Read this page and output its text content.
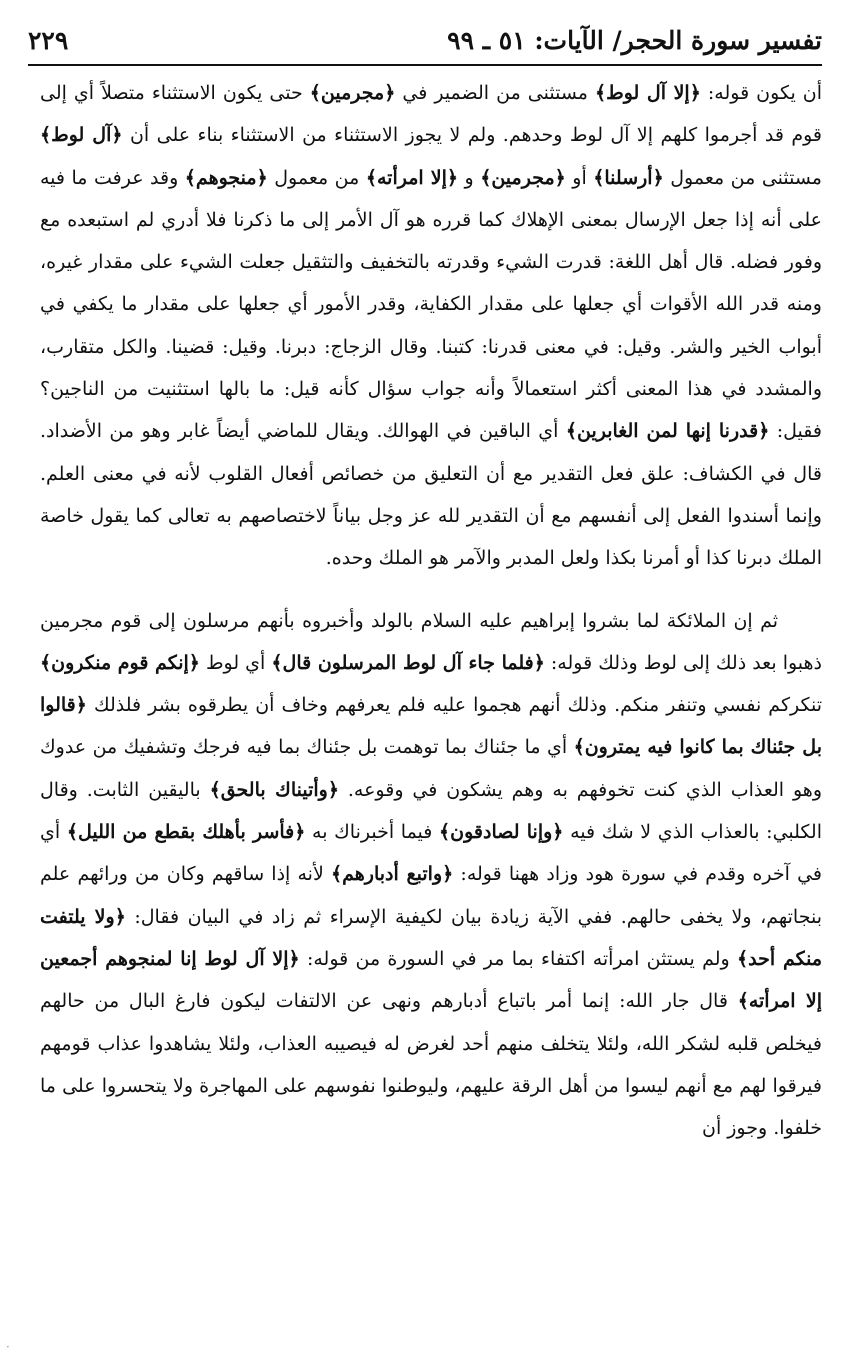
تفسير سورة الحجر/ الآيات: ٥١ ـ ٩٩
٢٢٩

أن يكون قوله: ﴿إلا آل لوط﴾ مستثنى من الضمير في ﴿مجرمين﴾ حتى يكون الاستثناء متصلاً أي إلى قوم قد أجرموا كلهم إلا آل لوط وحدهم. ولم لا يجوز الاستثناء من الاستثناء بناء على أن ﴿آل لوط﴾ مستثنى من معمول ﴿أرسلنا﴾ أو ﴿مجرمين﴾ و ﴿إلا امرأته﴾ من معمول ﴿منجوهم﴾ وقد عرفت ما فيه على أنه إذا جعل الإرسال بمعنى الإهلاك كما قرره هو آل الأمر إلى ما ذكرنا فلا أدري لم استبعده مع وفور فضله. قال أهل اللغة: قدرت الشيء وقدرته بالتخفيف والتثقيل جعلت الشيء على مقدار غيره، ومنه قدر الله الأقوات أي جعلها على مقدار الكفاية، وقدر الأمور أي جعلها على مقدار ما يكفي في أبواب الخير والشر. وقيل: في معنى قدرنا: كتبنا. وقال الزجاج: دبرنا. وقيل: قضينا. والكل متقارب، والمشدد في هذا المعنى أكثر استعمالاً وأنه جواب سؤال كأنه قيل: ما بالها استثنيت من الناجين؟ فقيل: ﴿قدرنا إنها لمن الغابرين﴾ أي الباقين في الهوالك. ويقال للماضي أيضاً غابر وهو من الأضداد. قال في الكشاف: علق فعل التقدير مع أن التعليق من خصائص أفعال القلوب لأنه في معنى العلم. وإنما أسندوا الفعل إلى أنفسهم مع أن التقدير لله عز وجل بياناً لاختصاصهم به تعالى كما يقول خاصة الملك دبرنا كذا أو أمرنا بكذا ولعل المدبر والآمر هو الملك وحده.

ثم إن الملائكة لما بشروا إبراهيم عليه السلام بالولد وأخبروه بأنهم مرسلون إلى قوم مجرمين ذهبوا بعد ذلك إلى لوط وذلك قوله: ﴿فلما جاء آل لوط المرسلون قال﴾ أي لوط ﴿إنكم قوم منكرون﴾ تنكركم نفسي وتنفر منكم. وذلك أنهم هجموا عليه فلم يعرفهم وخاف أن يطرقوه بشر فلذلك ﴿قالوا بل جئناك بما كانوا فيه يمترون﴾ أي ما جئناك بما توهمت بل جئناك بما فيه فرجك وتشفيك من عدوك وهو العذاب الذي كنت تخوفهم به وهم يشكون في وقوعه. ﴿وأتيناك بالحق﴾ باليقين الثابت. وقال الكلبي: بالعذاب الذي لا شك فيه ﴿وإنا لصادقون﴾ فيما أخبرناك به ﴿فأسر بأهلك بقطع من الليل﴾ أي في آخره وقدم في سورة هود وزاد ههنا قوله: ﴿واتبع أدبارهم﴾ لأنه إذا ساقهم وكان من ورائهم علم بنجاتهم، ولا يخفى حالهم. ففي الآية زيادة بيان لكيفية الإسراء ثم زاد في البيان فقال: ﴿ولا يلتفت منكم أحد﴾ ولم يستثن امرأته اكتفاء بما مر في السورة من قوله: ﴿إلا آل لوط إنا لمنجوهم أجمعين إلا امرأته﴾ قال جار الله: إنما أمر باتباع أدبارهم ونهى عن الالتفات ليكون فارغ البال من حالهم فيخلص قلبه لشكر الله، ولئلا يتخلف منهم أحد لغرض له فيصيبه العذاب، ولئلا يشاهدوا عذاب قومهم فيرقوا لهم مع أنهم ليسوا من أهل الرقة عليهم، وليوطنوا نفوسهم على المهاجرة ولا يتحسروا على ما خلفوا. وجوز أن

·
